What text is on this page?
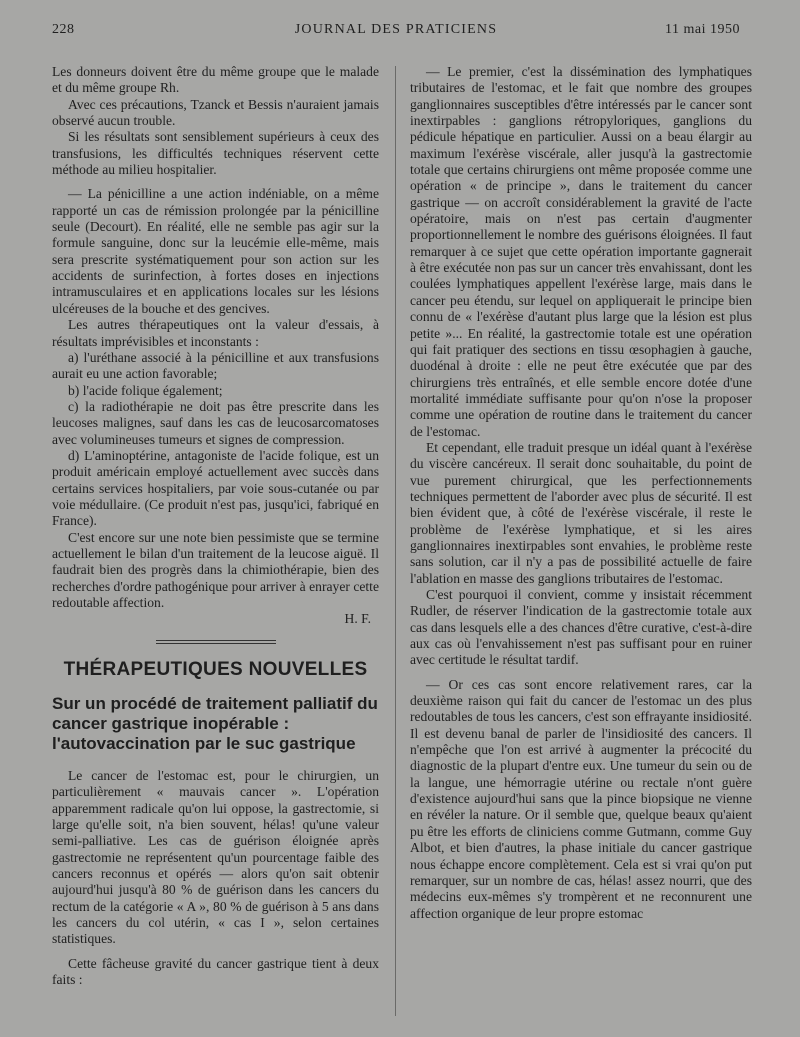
228	JOURNAL DES PRATICIENS	11 mai 1950

Les donneurs doivent être du même groupe que le malade et du même groupe Rh.

Avec ces précautions, Tzanck et Bessis n'auraient jamais observé aucun trouble.

Si les résultats sont sensiblement supérieurs à ceux des transfusions, les difficultés techniques réservent cette méthode au milieu hospitalier.

— La pénicilline a une action indéniable, on a même rapporté un cas de rémission prolongée par la pénicilline seule (Decourt). En réalité, elle ne semble pas agir sur la formule sanguine, donc sur la leucémie elle-même, mais sera prescrite systématiquement pour son action sur les accidents de surinfection, à fortes doses en injections intramusculaires et en applications locales sur les lésions ulcéreuses de la bouche et des gencives.

Les autres thérapeutiques ont la valeur d'essais, à résultats imprévisibles et inconstants :

a) l'uréthane associé à la pénicilline et aux transfusions aurait eu une action favorable;

b) l'acide folique également;

c) la radiothérapie ne doit pas être prescrite dans les leucoses malignes, sauf dans les cas de leucosarcomatoses avec volumineuses tumeurs et signes de compression.

d) L'aminoptérine, antagoniste de l'acide folique, est un produit américain employé actuellement avec succès dans certains services hospitaliers, par voie sous-cutanée ou par voie médullaire. (Ce produit n'est pas, jusqu'ici, fabriqué en France).

C'est encore sur une note bien pessimiste que se termine actuellement le bilan d'un traitement de la leucose aiguë. Il faudrait bien des progrès dans la chimiothérapie, bien des recherches d'ordre pathogénique pour arriver à enrayer cette redoutable affection.

H. F.

THÉRAPEUTIQUES NOUVELLES
Sur un procédé de traitement palliatif du cancer gastrique inopérable : l'autovaccination par le suc gastrique

Le cancer de l'estomac est, pour le chirurgien, un particulièrement « mauvais cancer ». L'opération apparemment radicale qu'on lui oppose, la gastrectomie, si large qu'elle soit, n'a bien souvent, hélas! qu'une valeur semi-palliative. Les cas de guérison éloignée après gastrectomie ne représentent qu'un pourcentage faible des cancers reconnus et opérés — alors qu'on sait obtenir aujourd'hui jusqu'à 80 % de guérison dans les cancers du rectum de la catégorie « A », 80 % de guérison à 5 ans dans les cancers du col utérin, « cas I », selon certaines statistiques.

Cette fâcheuse gravité du cancer gastrique tient à deux faits :

— Le premier, c'est la dissémination des lymphatiques tributaires de l'estomac, et le fait que nombre des groupes ganglionnaires susceptibles d'être intéressés par le cancer sont inextirpables : ganglions rétropyloriques, ganglions du pédicule hépatique en particulier. Aussi on a beau élargir au maximum l'exérèse viscérale, aller jusqu'à la gastrectomie totale que certains chirurgiens ont même proposée comme une opération « de principe », dans le traitement du cancer gastrique — on accroît considérablement la gravité de l'acte opératoire, mais on n'est pas certain d'augmenter proportionnellement le nombre des guérisons éloignées. Il faut remarquer à ce sujet que cette opération importante gagnerait à être exécutée non pas sur un cancer très envahissant, dont les coulées lymphatiques appellent l'exérèse large, mais dans le cancer peu étendu, sur lequel on appliquerait le principe bien connu de « l'exérèse d'autant plus large que la lésion est plus petite »... En réalité, la gastrectomie totale est une opération qui fait pratiquer des sections en tissu œsophagien à gauche, duodénal à droite : elle ne peut être exécutée que par des chirurgiens très entraînés, et elle semble encore dotée d'une mortalité immédiate suffisante pour qu'on n'ose la proposer comme une opération de routine dans le traitement du cancer de l'estomac.

Et cependant, elle traduit presque un idéal quant à l'exérèse du viscère cancéreux. Il serait donc souhaitable, du point de vue purement chirurgical, que les perfectionnements techniques permettent de l'aborder avec plus de sécurité. Il est bien évident que, à côté de l'exérèse viscérale, il reste le problème de l'exérèse lymphatique, et si les aires ganglionnaires inextirpables sont envahies, le problème reste sans solution, car il n'y a pas de possibilité actuelle de faire l'ablation en masse des ganglions tributaires de l'estomac.

C'est pourquoi il convient, comme y insistait récemment Rudler, de réserver l'indication de la gastrectomie totale aux cas dans lesquels elle a des chances d'être curative, c'est-à-dire aux cas où l'envahissement n'est pas suffisant pour en ruiner avec certitude le résultat tardif.

— Or ces cas sont encore relativement rares, car la deuxième raison qui fait du cancer de l'estomac un des plus redoutables de tous les cancers, c'est son effrayante insidiosité. Il est devenu banal de parler de l'insidiosité des cancers. Il n'empêche que l'on est arrivé à augmenter la précocité du diagnostic de la plupart d'entre eux. Une tumeur du sein ou de la langue, une hémorragie utérine ou rectale n'ont guère d'existence aujourd'hui sans que la pince biopsique ne vienne en révéler la nature. Or il semble que, quelque beaux qu'aient pu être les efforts de cliniciens comme Gutmann, comme Guy Albot, et bien d'autres, la phase initiale du cancer gastrique nous échappe encore complètement. Cela est si vrai qu'on put remarquer, sur un nombre de cas, hélas! assez nourri, que des médecins eux-mêmes s'y trompèrent et ne reconnurent une affection organique de leur propre estomac
